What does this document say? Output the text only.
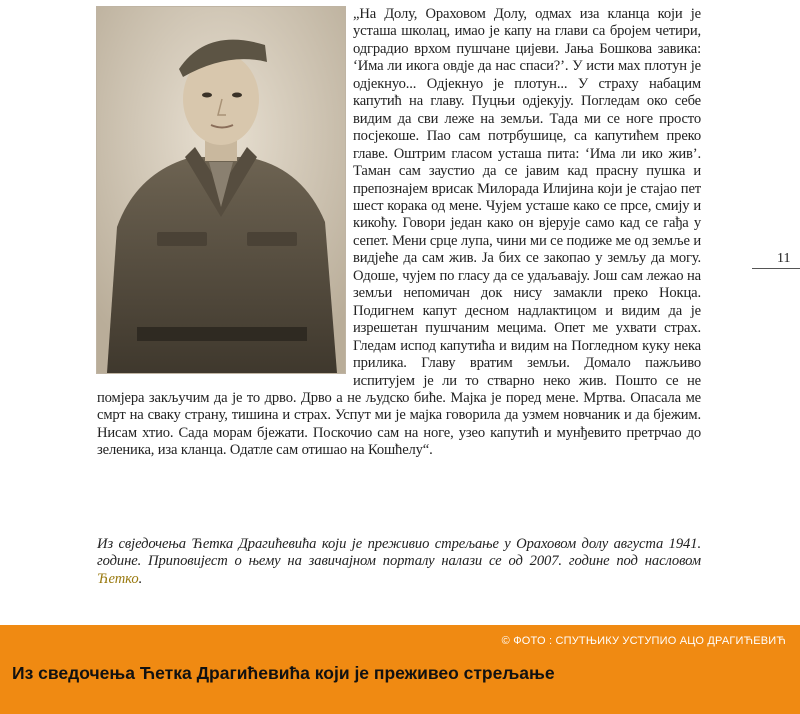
„На Долу, Ораховом Долу, одмах иза кланца који је усташа школац, имао је капу на глави са бројем четири, одградио врхом пушчане цијеви. Јања Бошкова завика: ‘Има ли икога овдје да нас спаси?’. У исти мах плотун је одјекнуо... Одјекнуо је плотун... У страху набацим капутић на главу. Пуцњи одјекују. Погледам око себе видим да сви леже на земљи. Тада ми се ноге просто посјекоше. Пао сам потрбушице, са капутићем преко главе. Оштрим гласом усташа пита: ‘Има ли ико жив’. Таман сам заустио да се јавим кад прасну пушка и препознајем врисак Милорада Илијина који је стајао пет шест корака од мене. Чујем усташе како се прсе, смију и кикоћу. Говори један како он вјерује само кад се гађа у сепет. Мени срце лупа, чини ми се подиже ме од земље и видјеће да сам жив. Ја бих се закопао у земљу да могу. Одоше, чујем по гласу да се удаљавају. Још сам лежао на земљи непомичан док нису замакли преко Нокца. Подигнем капут десном надлактицом и видим да је изрешетан пушчаним мецима. Опет ме ухвати страх. Гледам испод капутића и видим на Погледном куку нека прилика. Главу вратим земљи. Домало пажљиво испитујем је ли то стварно неко жив. Пошто се не помјера закључим да је то дрво. Дрво а не људско биће. Мајка је поред мене. Мртва. Опасала ме смрт на сваку страну, тишина и страх. Успут ми је мајка говорила да узмем новчаник и да бјежим. Нисам хтио. Сада морам бјежати. Поскочио сам на ноге, узео капутић и мунђевито претрчао до зеленика, иза кланца. Одатле сам отишао на Кошћелу“.

Из свједочења Ћетка Драгићевића који је преживио стрељање у Ораховом долу августа 1941. године. Приповијест о њему на завичајном порталу налази се од 2007. године под насловом Ћетко.
11
© ФОТО : СПУТЊИКУ УСТУПИО АЦО ДРАГИЋЕВИЋ
Из сведочења Ћетка Драгићевића који је преживео стрељање
